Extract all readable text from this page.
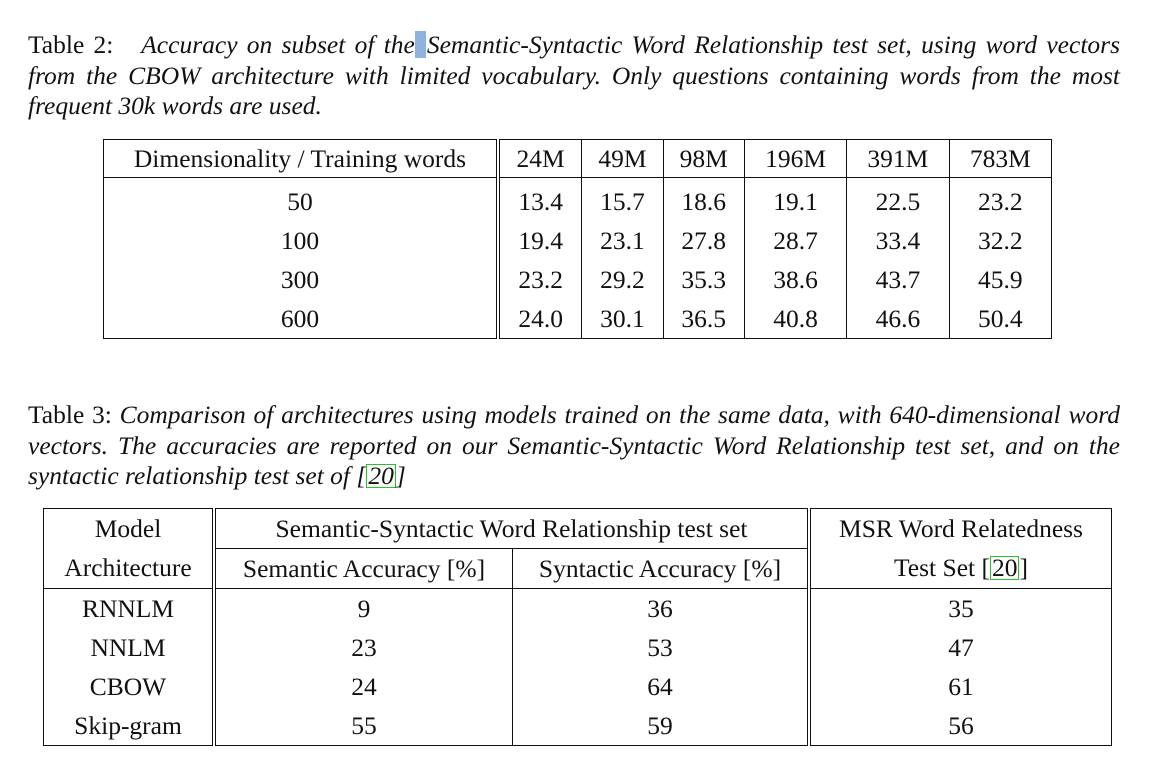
Table 2: Accuracy on subset of the Semantic-Syntactic Word Relationship test set, using word vectors from the CBOW architecture with limited vocabulary. Only questions containing words from the most frequent 30k words are used.
Dimensionality / Training words	24M	49M	98M	196M	391M	783M
50	13.4	15.7	18.6	19.1	22.5	23.2
100	19.4	23.1	27.8	28.7	33.4	32.2
300	23.2	29.2	35.3	38.6	43.7	45.9
600	24.0	30.1	36.5	40.8	46.6	50.4
Table 3: Comparison of architectures using models trained on the same data, with 640-dimensional word vectors. The accuracies are reported on our Semantic-Syntactic Word Relationship test set, and on the syntactic relationship test set of [20]
Model	Semantic-Syntactic Word Relationship test set		MSR Word Relatedness
Architecture	Semantic Accuracy [%]	Syntactic Accuracy [%]	Test Set [20]
RNNLM	9	36	35
NNLM	23	53	47
CBOW	24	64	61
Skip-gram	55	59	56
